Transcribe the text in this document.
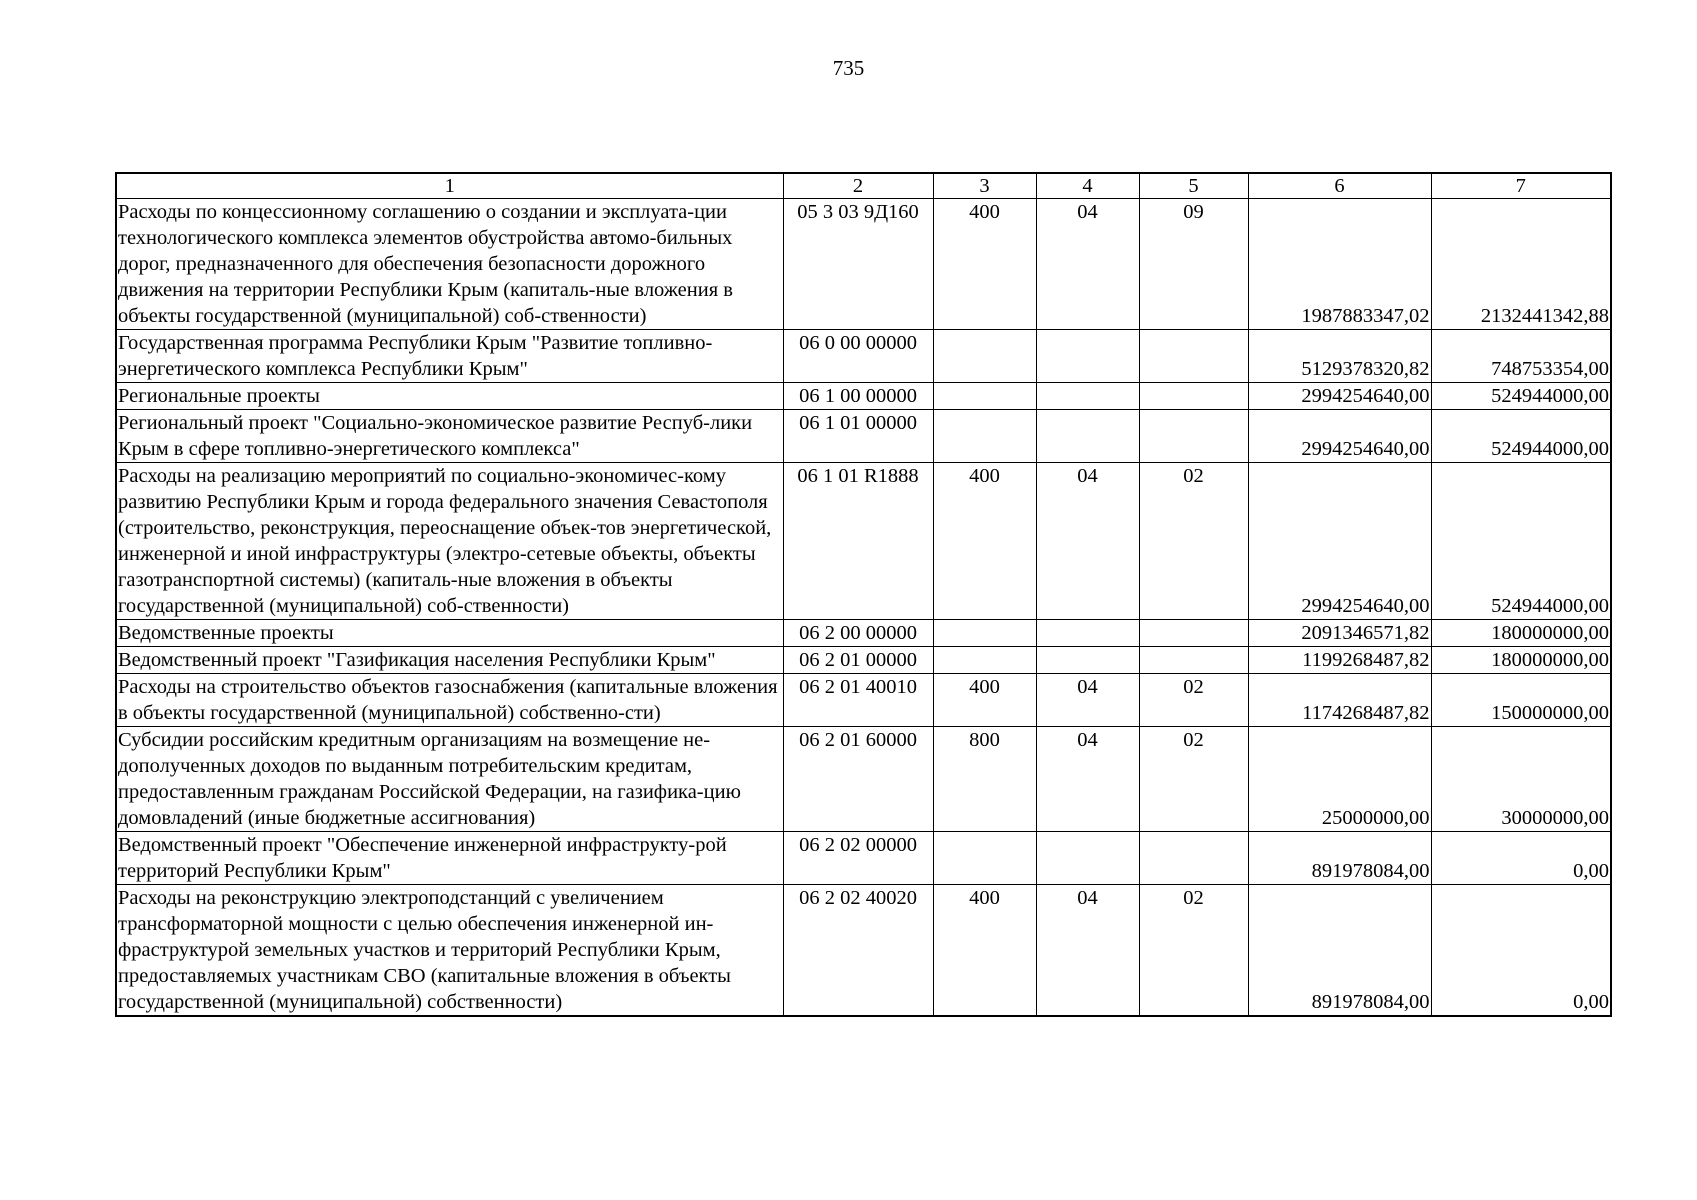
735
1	2	3	4	5	6	7
Расходы по концессионному соглашению о создании и эксплуата-ции технологического комплекса элементов обустройства автомо-бильных дорог, предназначенного для обеспечения безопасности дорожного движения на территории Республики Крым (капиталь-ные вложения в объекты государственной (муниципальной) соб-ственности)	05 3 03 9Д160	400	04	09	1987883347,02	2132441342,88
Государственная программа Республики Крым "Развитие топливно-энергетического комплекса Республики Крым"	06 0 00 00000				5129378320,82	748753354,00
Региональные проекты	06 1 00 00000				2994254640,00	524944000,00
Региональный проект "Социально-экономическое развитие Респуб-лики Крым в сфере топливно-энергетического комплекса"	06 1 01 00000				2994254640,00	524944000,00
Расходы на реализацию мероприятий по социально-экономичес-кому развитию Республики Крым и города федерального значения Севастополя (строительство, реконструкция, переоснащение объек-тов энергетической, инженерной и иной инфраструктуры (электро-сетевые объекты, объекты газотранспортной системы) (капиталь-ные вложения в объекты государственной (муниципальной) соб-ственности)	06 1 01 R1888	400	04	02	2994254640,00	524944000,00
Ведомственные проекты	06 2 00 00000				2091346571,82	180000000,00
Ведомственный проект "Газификация населения Республики Крым"	06 2 01 00000				1199268487,82	180000000,00
Расходы на строительство объектов газоснабжения (капитальные вложения в объекты государственной (муниципальной) собственно-сти)	06 2 01 40010	400	04	02	1174268487,82	150000000,00
Субсидии российским кредитным организациям на возмещение не-дополученных доходов по выданным потребительским кредитам, предоставленным гражданам Российской Федерации, на газифика-цию домовладений (иные бюджетные ассигнования)	06 2 01 60000	800	04	02	25000000,00	30000000,00
Ведомственный проект "Обеспечение инженерной инфраструкту-рой территорий Республики Крым"	06 2 02 00000				891978084,00	0,00
Расходы на реконструкцию электроподстанций с увеличением трансформаторной мощности с целью обеспечения инженерной ин-фраструктурой земельных участков и территорий Республики Крым, предоставляемых участникам СВО (капитальные вложения в объекты государственной (муниципальной) собственности)	06 2 02 40020	400	04	02	891978084,00	0,00
